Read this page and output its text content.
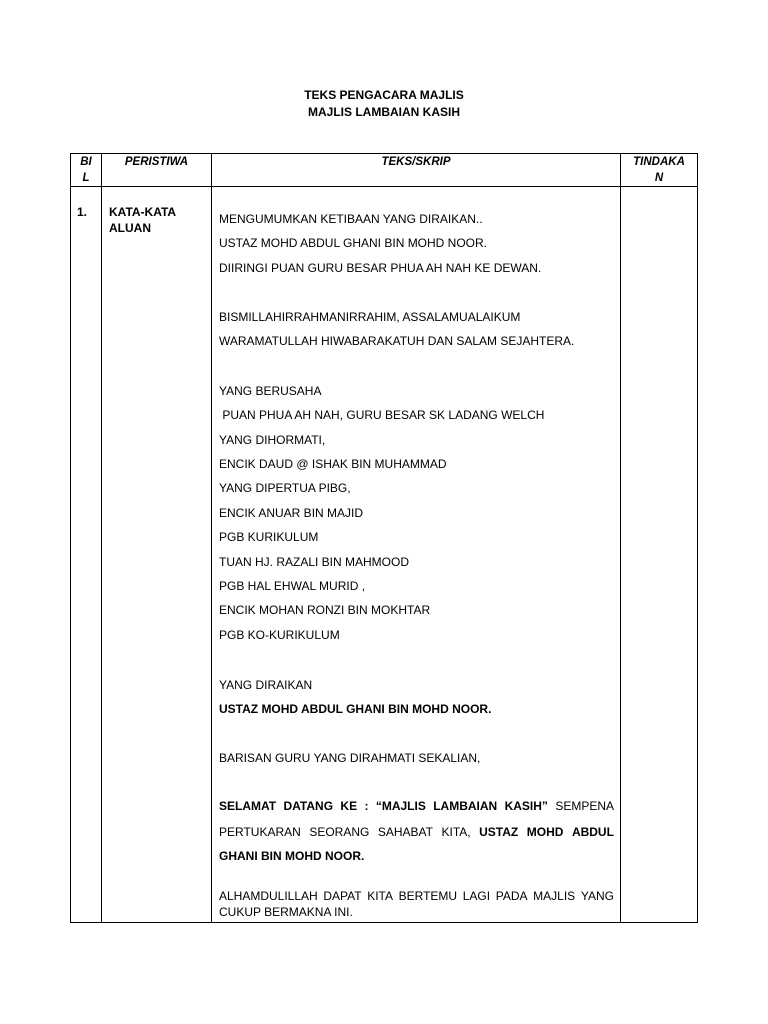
TEKS PENGACARA MAJLIS
MAJLIS LAMBAIAN KASIH
BI
L
PERISTIWA	TEKS/SKRIP	TINDAKA
N
1. KATA-KATA
ALUAN
MENGUMUMKAN KETIBAAN YANG DIRAIKAN..
USTAZ MOHD ABDUL GHANI BIN MOHD NOOR.
DIIRINGI PUAN GURU BESAR PHUA AH NAH KE DEWAN.
BISMILLAHIRRAHMANIRRAHIM, ASSALAMUALAIKUM
WARAMATULLAH HIWABARAKATUH DAN SALAM SEJAHTERA.
YANG BERUSAHA
PUAN PHUA AH NAH, GURU BESAR SK LADANG WELCH
YANG DIHORMATI,
ENCIK DAUD @ ISHAK BIN MUHAMMAD
YANG DIPERTUA PIBG,
ENCIK ANUAR BIN MAJID
PGB KURIKULUM
TUAN HJ. RAZALI BIN MAHMOOD
PGB HAL EHWAL MURID ,
ENCIK MOHAN RONZI BIN MOKHTAR
PGB KO-KURIKULUM
YANG DIRAIKAN
USTAZ MOHD ABDUL GHANI BIN MOHD NOOR.
BARISAN GURU YANG DIRAHMATI SEKALIAN,
SELAMAT DATANG KE : “MAJLIS LAMBAIAN KASIH” SEMPENA
PERTUKARAN SEORANG SAHABAT KITA, USTAZ MOHD ABDUL
GHANI BIN MOHD NOOR.
ALHAMDULILLAH DAPAT KITA BERTEMU LAGI PADA MAJLIS YANG
CUKUP BERMAKNA INI.
